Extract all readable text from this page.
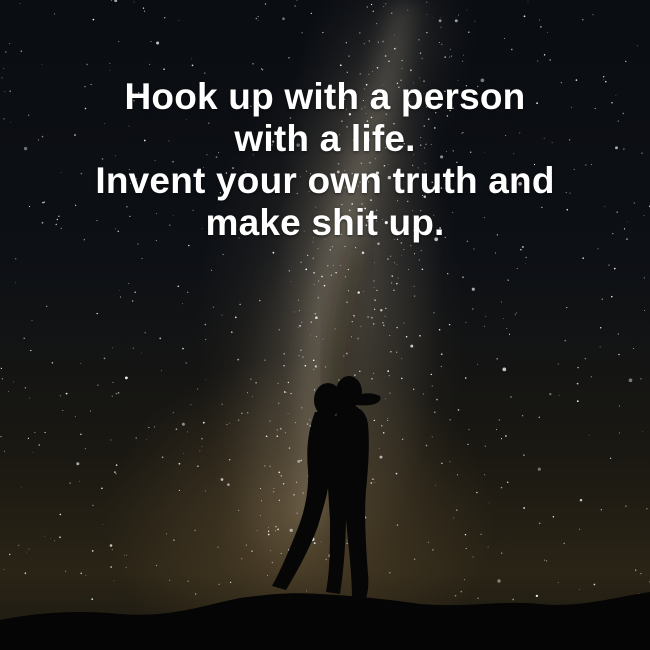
Hook up with a person
with a life.
Invent your own truth and
make shit up.
